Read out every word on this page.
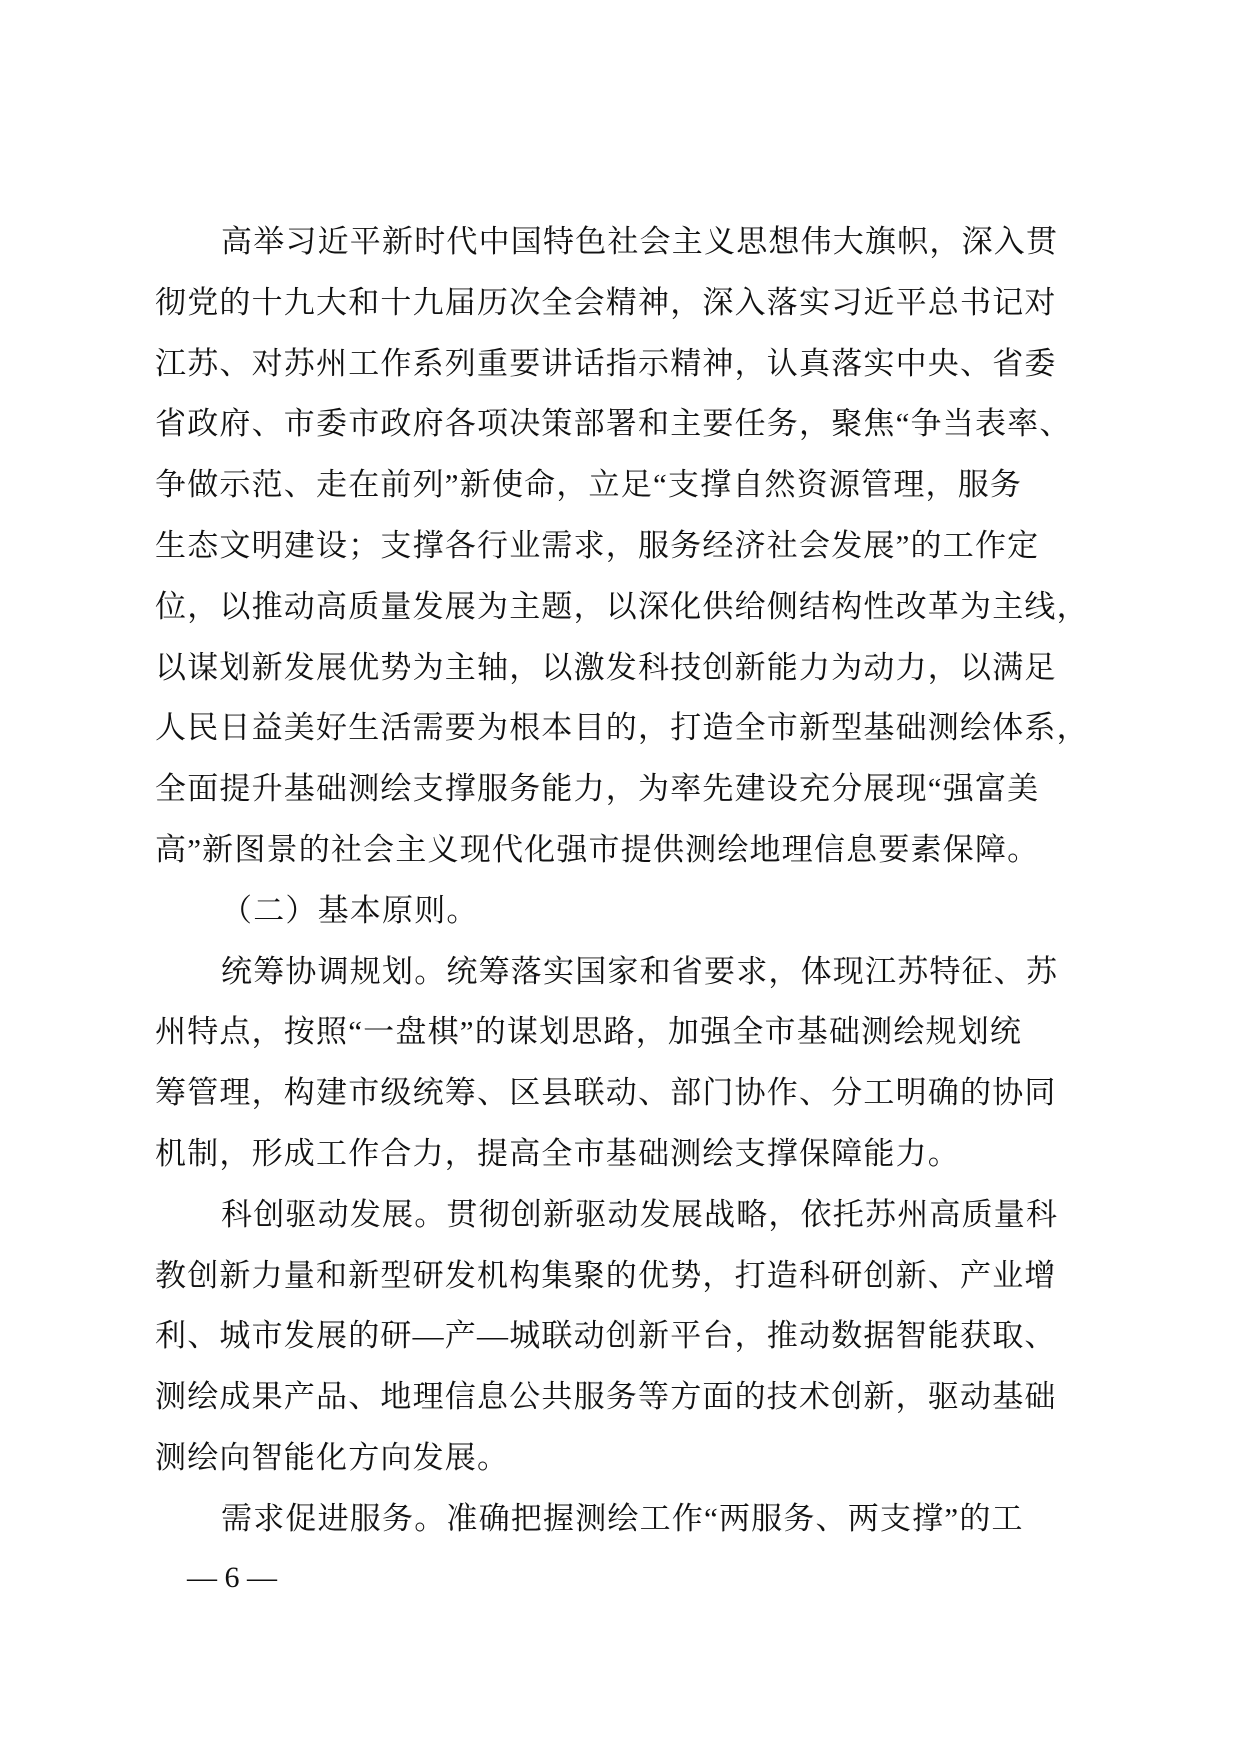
高举习近平新时代中国特色社会主义思想伟大旗帜，深入贯
彻党的十九大和十九届历次全会精神，深入落实习近平总书记对
江苏、对苏州工作系列重要讲话指示精神，认真落实中央、省委
省政府、市委市政府各项决策部署和主要任务，聚焦“争当表率、
争做示范、走在前列”新使命，立足“支撑自然资源管理，服务
生态文明建设；支撑各行业需求，服务经济社会发展”的工作定
位，以推动高质量发展为主题，以深化供给侧结构性改革为主线，
以谋划新发展优势为主轴，以激发科技创新能力为动力，以满足
人民日益美好生活需要为根本目的，打造全市新型基础测绘体系，
全面提升基础测绘支撑服务能力，为率先建设充分展现“强富美
高”新图景的社会主义现代化强市提供测绘地理信息要素保障。
（二）基本原则。
统筹协调规划。统筹落实国家和省要求，体现江苏特征、苏
州特点，按照“一盘棋”的谋划思路，加强全市基础测绘规划统
筹管理，构建市级统筹、区县联动、部门协作、分工明确的协同
机制，形成工作合力，提高全市基础测绘支撑保障能力。
科创驱动发展。贯彻创新驱动发展战略，依托苏州高质量科
教创新力量和新型研发机构集聚的优势，打造科研创新、产业增
利、城市发展的研—产—城联动创新平台，推动数据智能获取、
测绘成果产品、地理信息公共服务等方面的技术创新，驱动基础
测绘向智能化方向发展。
需求促进服务。准确把握测绘工作“两服务、两支撑”的工
— 6 —
